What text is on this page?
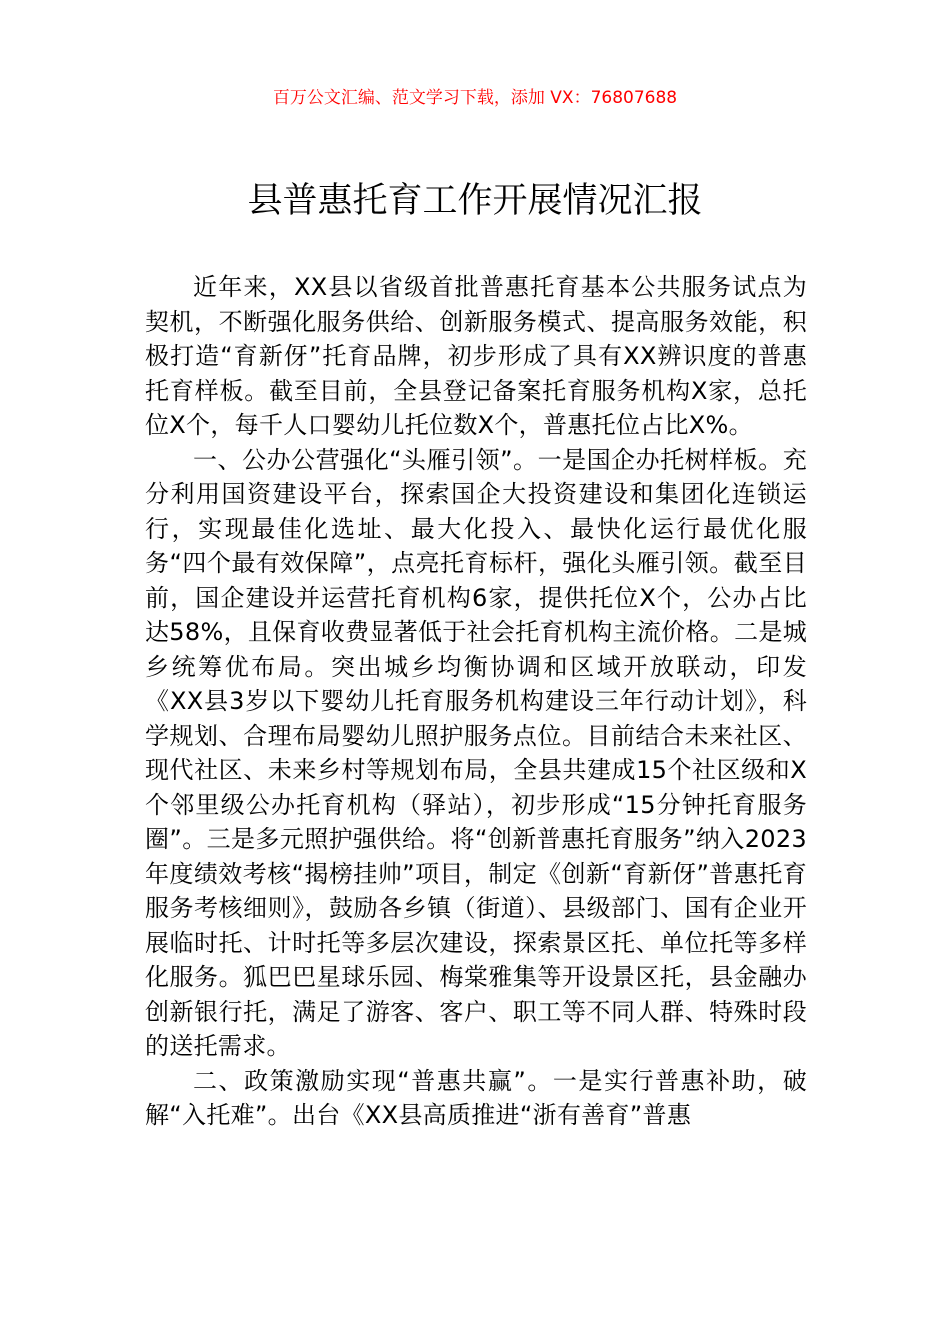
百万公文汇编、范文学习下载，添加 VX：76807688
县普惠托育工作开展情况汇报

近年来，XX县以省级首批普惠托育基本公共服务试点为契机，不断强化服务供给、创新服务模式、提高服务效能，积极打造“育新伢”托育品牌，初步形成了具有XX辨识度的普惠托育样板。截至目前，全县登记备案托育服务机构X家，总托位X个，每千人口婴幼儿托位数X个，普惠托位占比X%。

一、公办公营强化“头雁引领”。一是国企办托树样板。充分利用国资建设平台，探索国企大投资建设和集团化连锁运行，实现最佳化选址、最大化投入、最快化运行最优化服务“四个最有效保障”，点亮托育标杆，强化头雁引领。截至目前，国企建设并运营托育机构6家，提供托位X个，公办占比达58%，且保育收费显著低于社会托育机构主流价格。二是城乡统筹优布局。突出城乡均衡协调和区域开放联动，印发《XX县3岁以下婴幼儿托育服务机构建设三年行动计划》，科学规划、合理布局婴幼儿照护服务点位。目前结合未来社区、现代社区、未来乡村等规划布局，全县共建成15个社区级和X个邻里级公办托育机构（驿站），初步形成“15分钟托育服务圈”。三是多元照护强供给。将“创新普惠托育服务”纳入2023年度绩效考核“揭榜挂帅”项目，制定《创新“育新伢”普惠托育服务考核细则》，鼓励各乡镇（街道）、县级部门、国有企业开展临时托、计时托等多层次建设，探索景区托、单位托等多样化服务。狐巴巴星球乐园、梅棠雅集等开设景区托，县金融办创新银行托，满足了游客、客户、职工等不同人群、特殊时段的送托需求。

二、政策激励实现“普惠共赢”。一是实行普惠补助，破解“入托难”。出台《XX县高质推进“浙有善育”普惠
